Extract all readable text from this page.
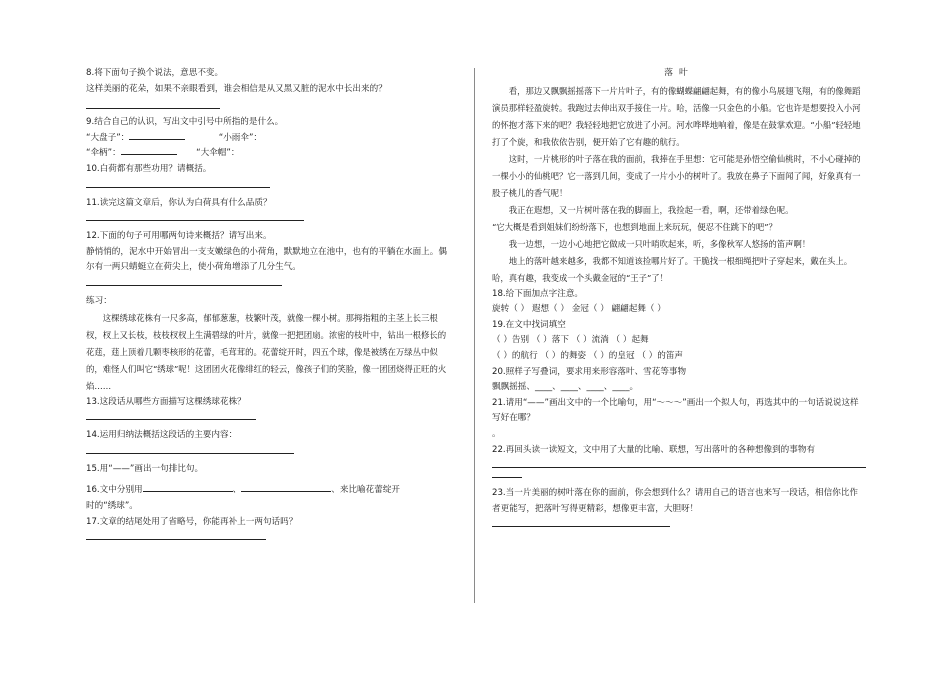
8.将下面句子换个说法，意思不变。

这样美丽的花朵，如果不亲眼看到，谁会相信是从又黑又脏的泥水中长出来的？

9.结合自己的认识，写出文中引号中所指的是什么。

“大盘子”：	“小雨伞”：

“伞柄”：	“大伞帽”：

10.白荷都有那些功用？请概括。

11.读完这篇文章后，你认为白荷具有什么品质？

12.下面的句子可用哪两句诗来概括？请写出来。

静悄悄的，泥水中开始冒出一支支嫩绿色的小荷角，默默地立在池中，也有的平躺在水面上。偶尔有一两只蜻蜓立在荷尖上，使小荷角增添了几分生气。

练习：

这棵绣球花株有一尺多高，郁郁葱葱，枝繁叶茂，就像一棵小树。那拇指粗的主茎上长三根杈，杈上又长枝，枝枝杈杈上生满碧绿的叶片，就像一把把团扇。浓密的枝叶中，钻出一根修长的花莛，莛上顶着几颗枣核形的花蕾，毛茸茸的。花蕾绽开时，四五个球，像是被绣在万绿丛中似的，难怪人们叫它“绣球”呢！这团团火花像绯红的轻云，像孩子们的笑脸，像一团团烧得正旺的火焰……

13.这段话从哪些方面描写这棵绣球花株？

14.运用归纳法概括这段话的主要内容：

15.用“——”画出一句排比句。

16.文中分别用	、	、来比喻花蕾绽开

时的“绣球”。

17.文章的结尾处用了省略号，你能再补上一两句话吗？

落叶

看，那边又飘飘摇摇落下一片片叶子，有的像蝴蝶翩翩起舞，有的像小鸟展翅飞翔，有的像舞蹈演员那样轻盈旋转。我跑过去伸出双手接住一片。哈，活像一只金色的小船。它也许是想要投入小河的怀抱才落下来的吧？我轻轻地把它放进了小河。河水哗哗地响着，像是在鼓掌欢迎。“小船”轻轻地打了个旋，和我依依告别，便开始了它有趣的航行。

这时，一片桃形的叶子落在我的面前，我捧在手里想：它可能是孙悟空偷仙桃时，不小心碰掉的一棵小小的仙桃吧？它一落到几间，变成了一片小小的树叶了。我放在鼻子下面闻了闻，好象真有一股子桃儿的香气呢！

我正在遐想，又一片树叶落在我的脚面上，我捡起一看，啊，还带着绿色呢。

“它大概是看到姐妹们纷纷落下，也想到地面上来玩玩，便忍不住跳下的吧”？

我一边想，一边小心地把它做成一只叶哨吹起来，听，多像秋军人悠扬的笛声啊！

地上的落叶越来越多，我都不知道该捡哪片好了。干脆找一根细绳把叶子穿起来，戴在头上。哈，真有趣，我变成一个头戴金冠的“王子”了！

18.给下面加点字注意。

旋转（ ） 遐想（ ） 金冠（ ） 翩翩起舞（ ）

19.在文中找词填空

（ ）告别 （ ）落下 （ ）流淌 （ ）起舞

（ ）的航行 （ ）的舞姿 （ ）的皇冠 （ ）的笛声

20.照样子写叠词，要求用来形容落叶、雪花等事物

飘飘摇摇、____、____、____、____。

21.请用“——”画出文中的一个比喻句，用“～～～”画出一个拟人句，再选其中的一句话说说这样写好在哪？

。

22.再回头读一读短文，文中用了大量的比喻、联想，写出落叶的各种想像到的事物有

23.当一片美丽的树叶落在你的面前，你会想到什么？请用自己的语言也来写一段话，相信你比作者更能写，把落叶写得更精彩，想像更丰富，大胆呀！
